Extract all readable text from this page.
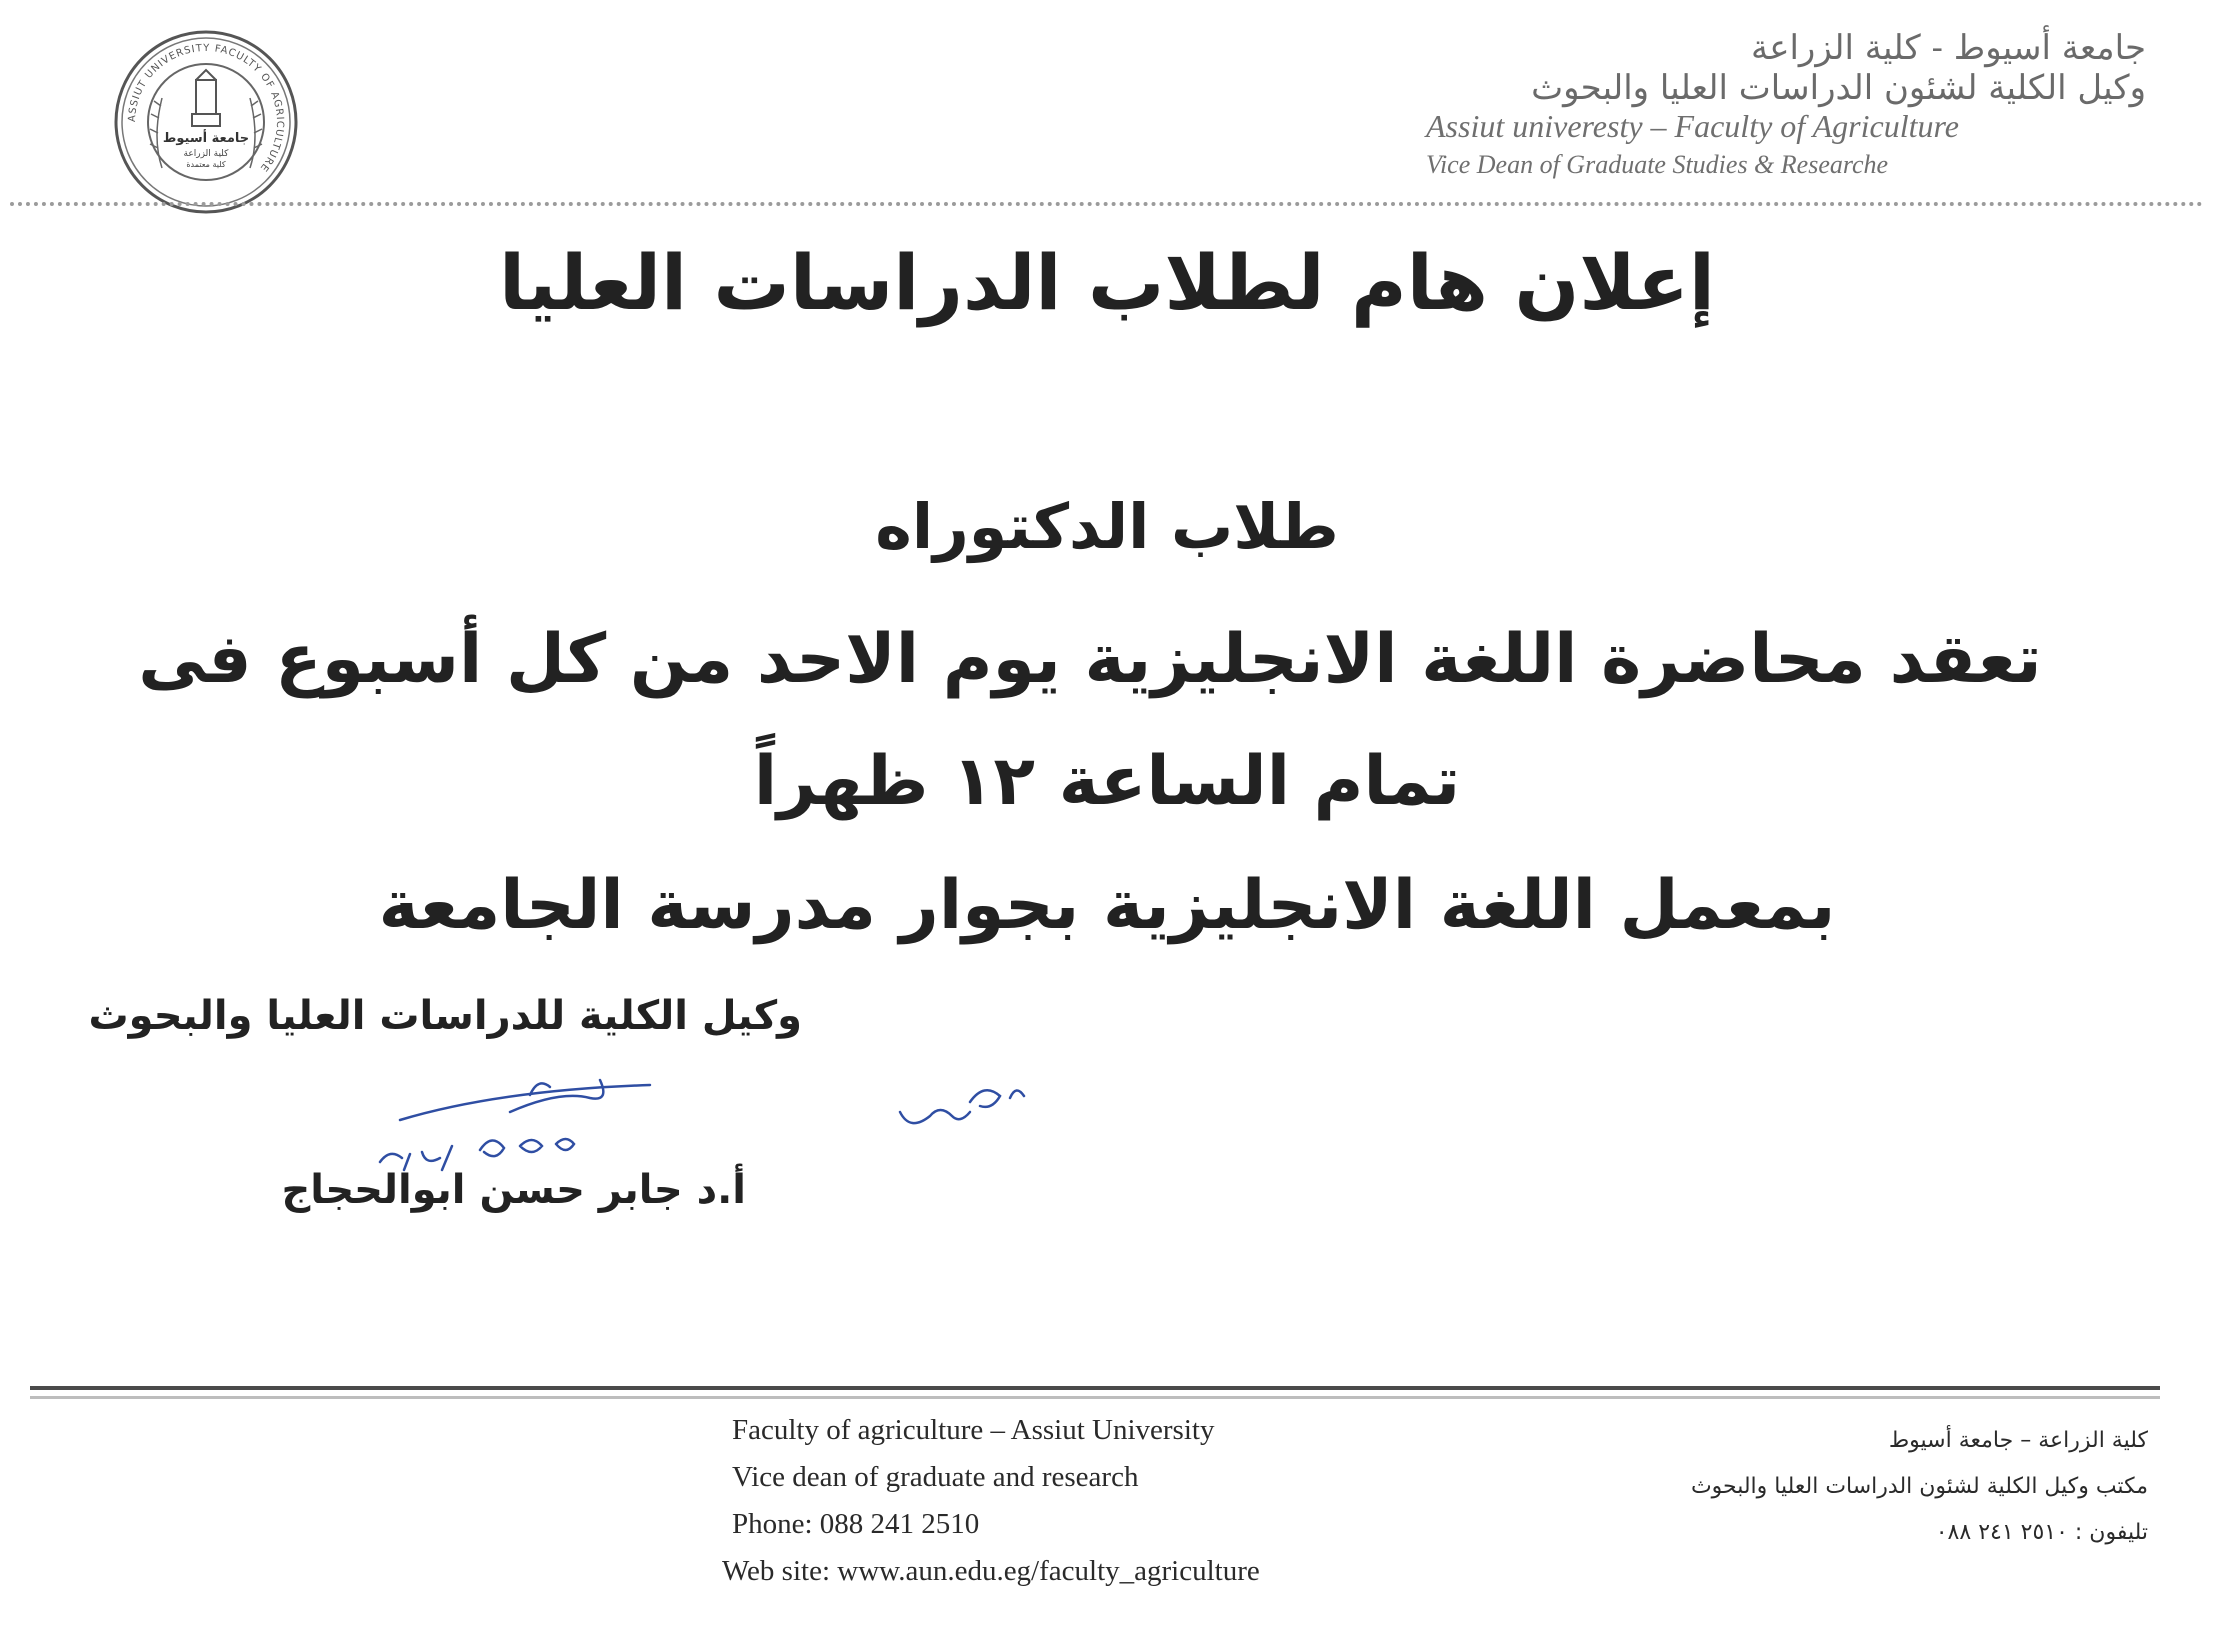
ASSIUT UNIVERSITY FACULTY OF AGRICULTURE
جامعة أسيوط
كلية الزراعة
كلية معتمدة
جامعة أسيوط - كلية الزراعة
وكيل الكلية لشئون الدراسات العليا والبحوث
Assiut univeresty – Faculty of Agriculture
Vice Dean of Graduate Studies & Researche
إعلان هام لطلاب الدراسات العليا
طلاب الدكتوراه
تعقد محاضرة اللغة الانجليزية يوم الاحد من كل أسبوع فى
تمام الساعة ١٢ ظهراً
بمعمل اللغة الانجليزية بجوار مدرسة الجامعة
وكيل الكلية للدراسات العليا والبحوث
أ.د جابر حسن ابوالحجاج
Faculty of agriculture – Assiut University
Vice dean of graduate and research
Phone: 088 241 2510
Web site: www.aun.edu.eg/faculty_agriculture
كلية الزراعة – جامعة أسيوط
مكتب وكيل الكلية لشئون الدراسات العليا والبحوث
تليفون : ٢٥١٠ ٢٤١ ٠٨٨
